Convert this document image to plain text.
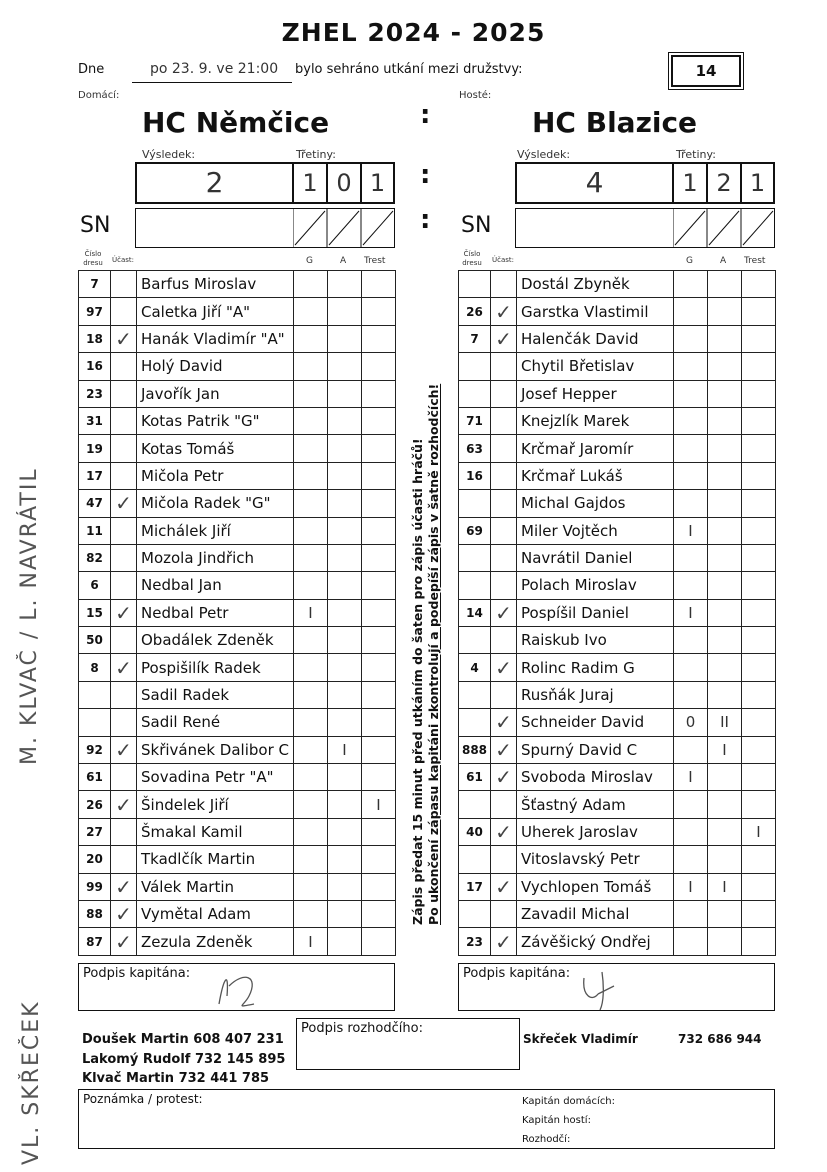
ZHEL 2024 - 2025
Dne	po 23. 9. ve 21:00 bylo sehráno utkání mezi družstvy:	14
Domácí:	Hosté:
HC Němčice	HC Blazice
:
Výsledek:	Třetiny:	Výsledek:	Třetiny:
2	1 0 1	:	4	1 2 1
SN	: SN
Číslo dresu Účast:	G	A Trest
Číslo dresu Účast:	G	A Trest
7		Barfus Miroslav			
97		Caletka Jiří "A"			
18	✓	Hanák Vladimír "A"			
16		Holý David			
23		Javořík Jan			
31		Kotas Patrik "G"			
19		Kotas Tomáš			
17		Mičola Petr			
47	✓	Mičola Radek "G"			
11		Michálek Jiří			
82		Mozola Jindřich			
6		Nedbal Jan			
15	✓	Nedbal Petr	I		
50		Obadálek Zdeněk			
8	✓	Pospišilík Radek			
		Sadil Radek			
		Sadil René			
92	✓	Skřivánek Dalibor C		I	
61		Sovadina Petr "A"			
26	✓	Šindelek Jiří			I
27		Šmakal Kamil			
20		Tkadlčík Martin			
99	✓	Válek Martin			
88	✓	Vymětal Adam			
87	✓	Zezula Zdeněk	I		
		Dostál Zbyněk			
26	✓	Garstka Vlastimil			
7	✓	Halenčák David			
		Chytil Břetislav			
		Josef Hepper			
71		Knejzlík Marek			
63		Krčmař Jaromír			
16		Krčmař Lukáš			
		Michal Gajdos			
69		Miler Vojtěch	I		
		Navrátil Daniel			
		Polach Miroslav			
14	✓	Pospíšil Daniel	I		
		Raiskub Ivo			
4	✓	Rolinc Radim G			
		Rusňák Juraj			
	✓	Schneider David	0	II	
888	✓	Spurný David C		I	
61	✓	Svoboda Miroslav	I		
		Šťastný Adam			
40	✓	Uherek Jaroslav			I
		Vitoslavský Petr			
17	✓	Vychlopen Tomáš	I	I	
		Zavadil Michal			
23	✓	Závěšický Ondřej			
Zápis předat 15 minut před utkáním do šaten pro zápis účasti hráčů!
Po ukončení zápasu kapitáni zkontrolují a podepíší zápis v šatně rozhodčích!
M. KLVAČ / L. NAVRÁTIL
VL. SKŘEČEK
Podpis kapitána:	Podpis kapitána:
Doušek Martin 608 407 231
Lakomý Rudolf 732 145 895
Klvač Martin 732 441 785
Podpis rozhodčího:
Skřeček Vladimír	732 686 944
Poznámka / protest:	Kapitán domácích:
Kapitán hostí:
Rozhodčí:
